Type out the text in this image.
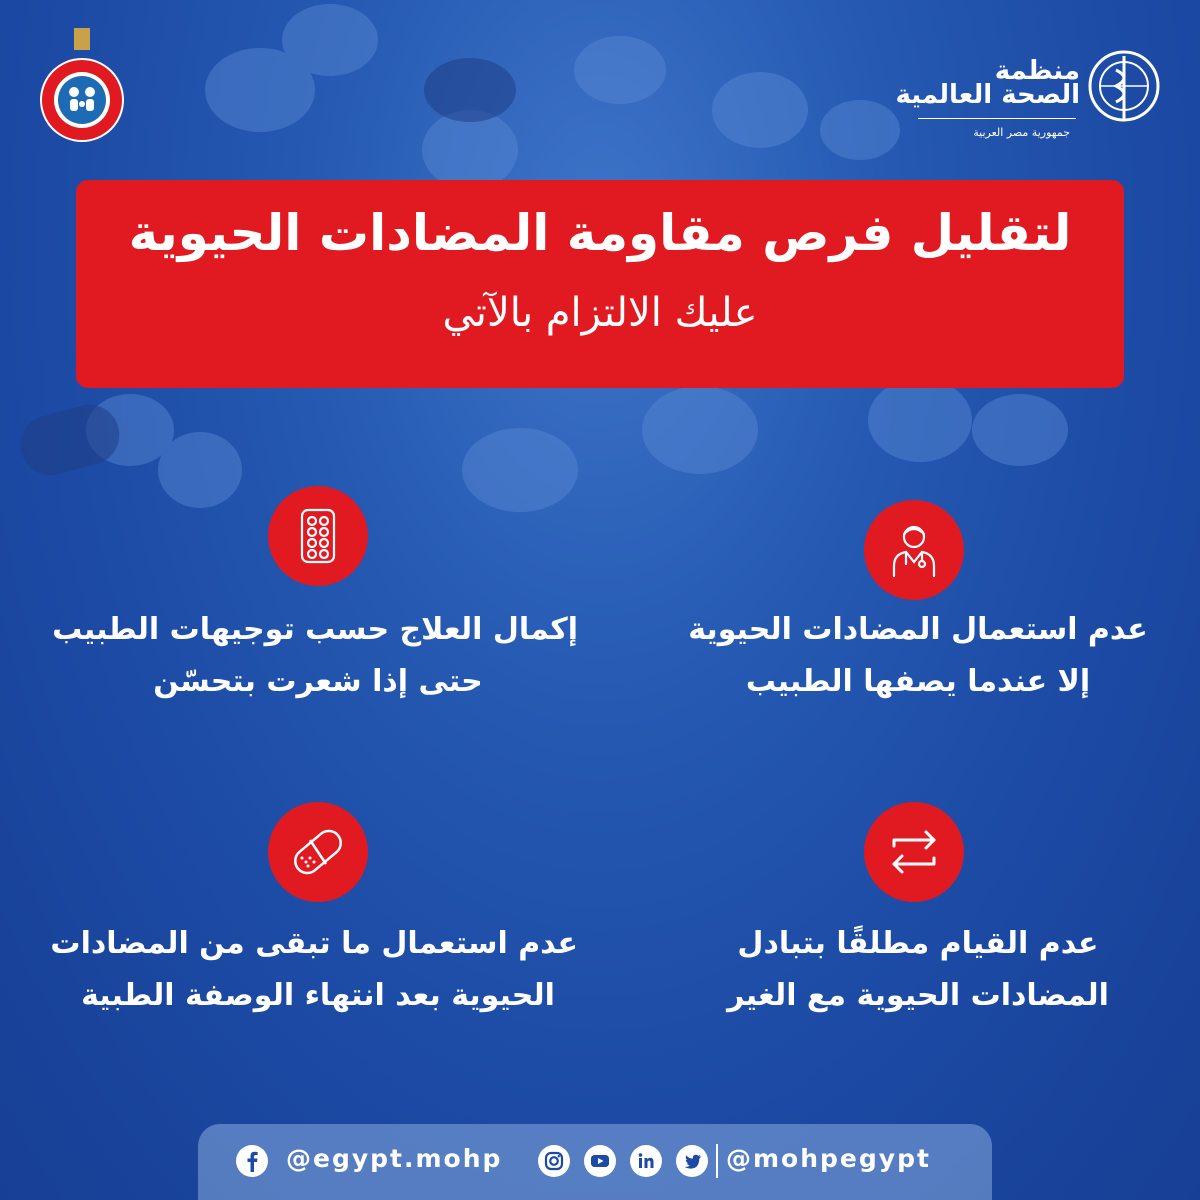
منظمة
الصحة العالمية
جمهورية مصر العربية
لتقليل فرص مقاومة المضادات الحيوية
عليك الالتزام بالآتي
عدم استعمال المضادات الحيوية
إلا عندما يصفها الطبيب
إكمال العلاج حسب توجيهات الطبيب
حتى إذا شعرت بتحسّن
عدم القيام مطلقًا بتبادل
المضادات الحيوية مع الغير
عدم استعمال ما تبقى من المضادات
الحيوية بعد انتهاء الوصفة الطبية
@egypt.mohp	@mohpegypt
